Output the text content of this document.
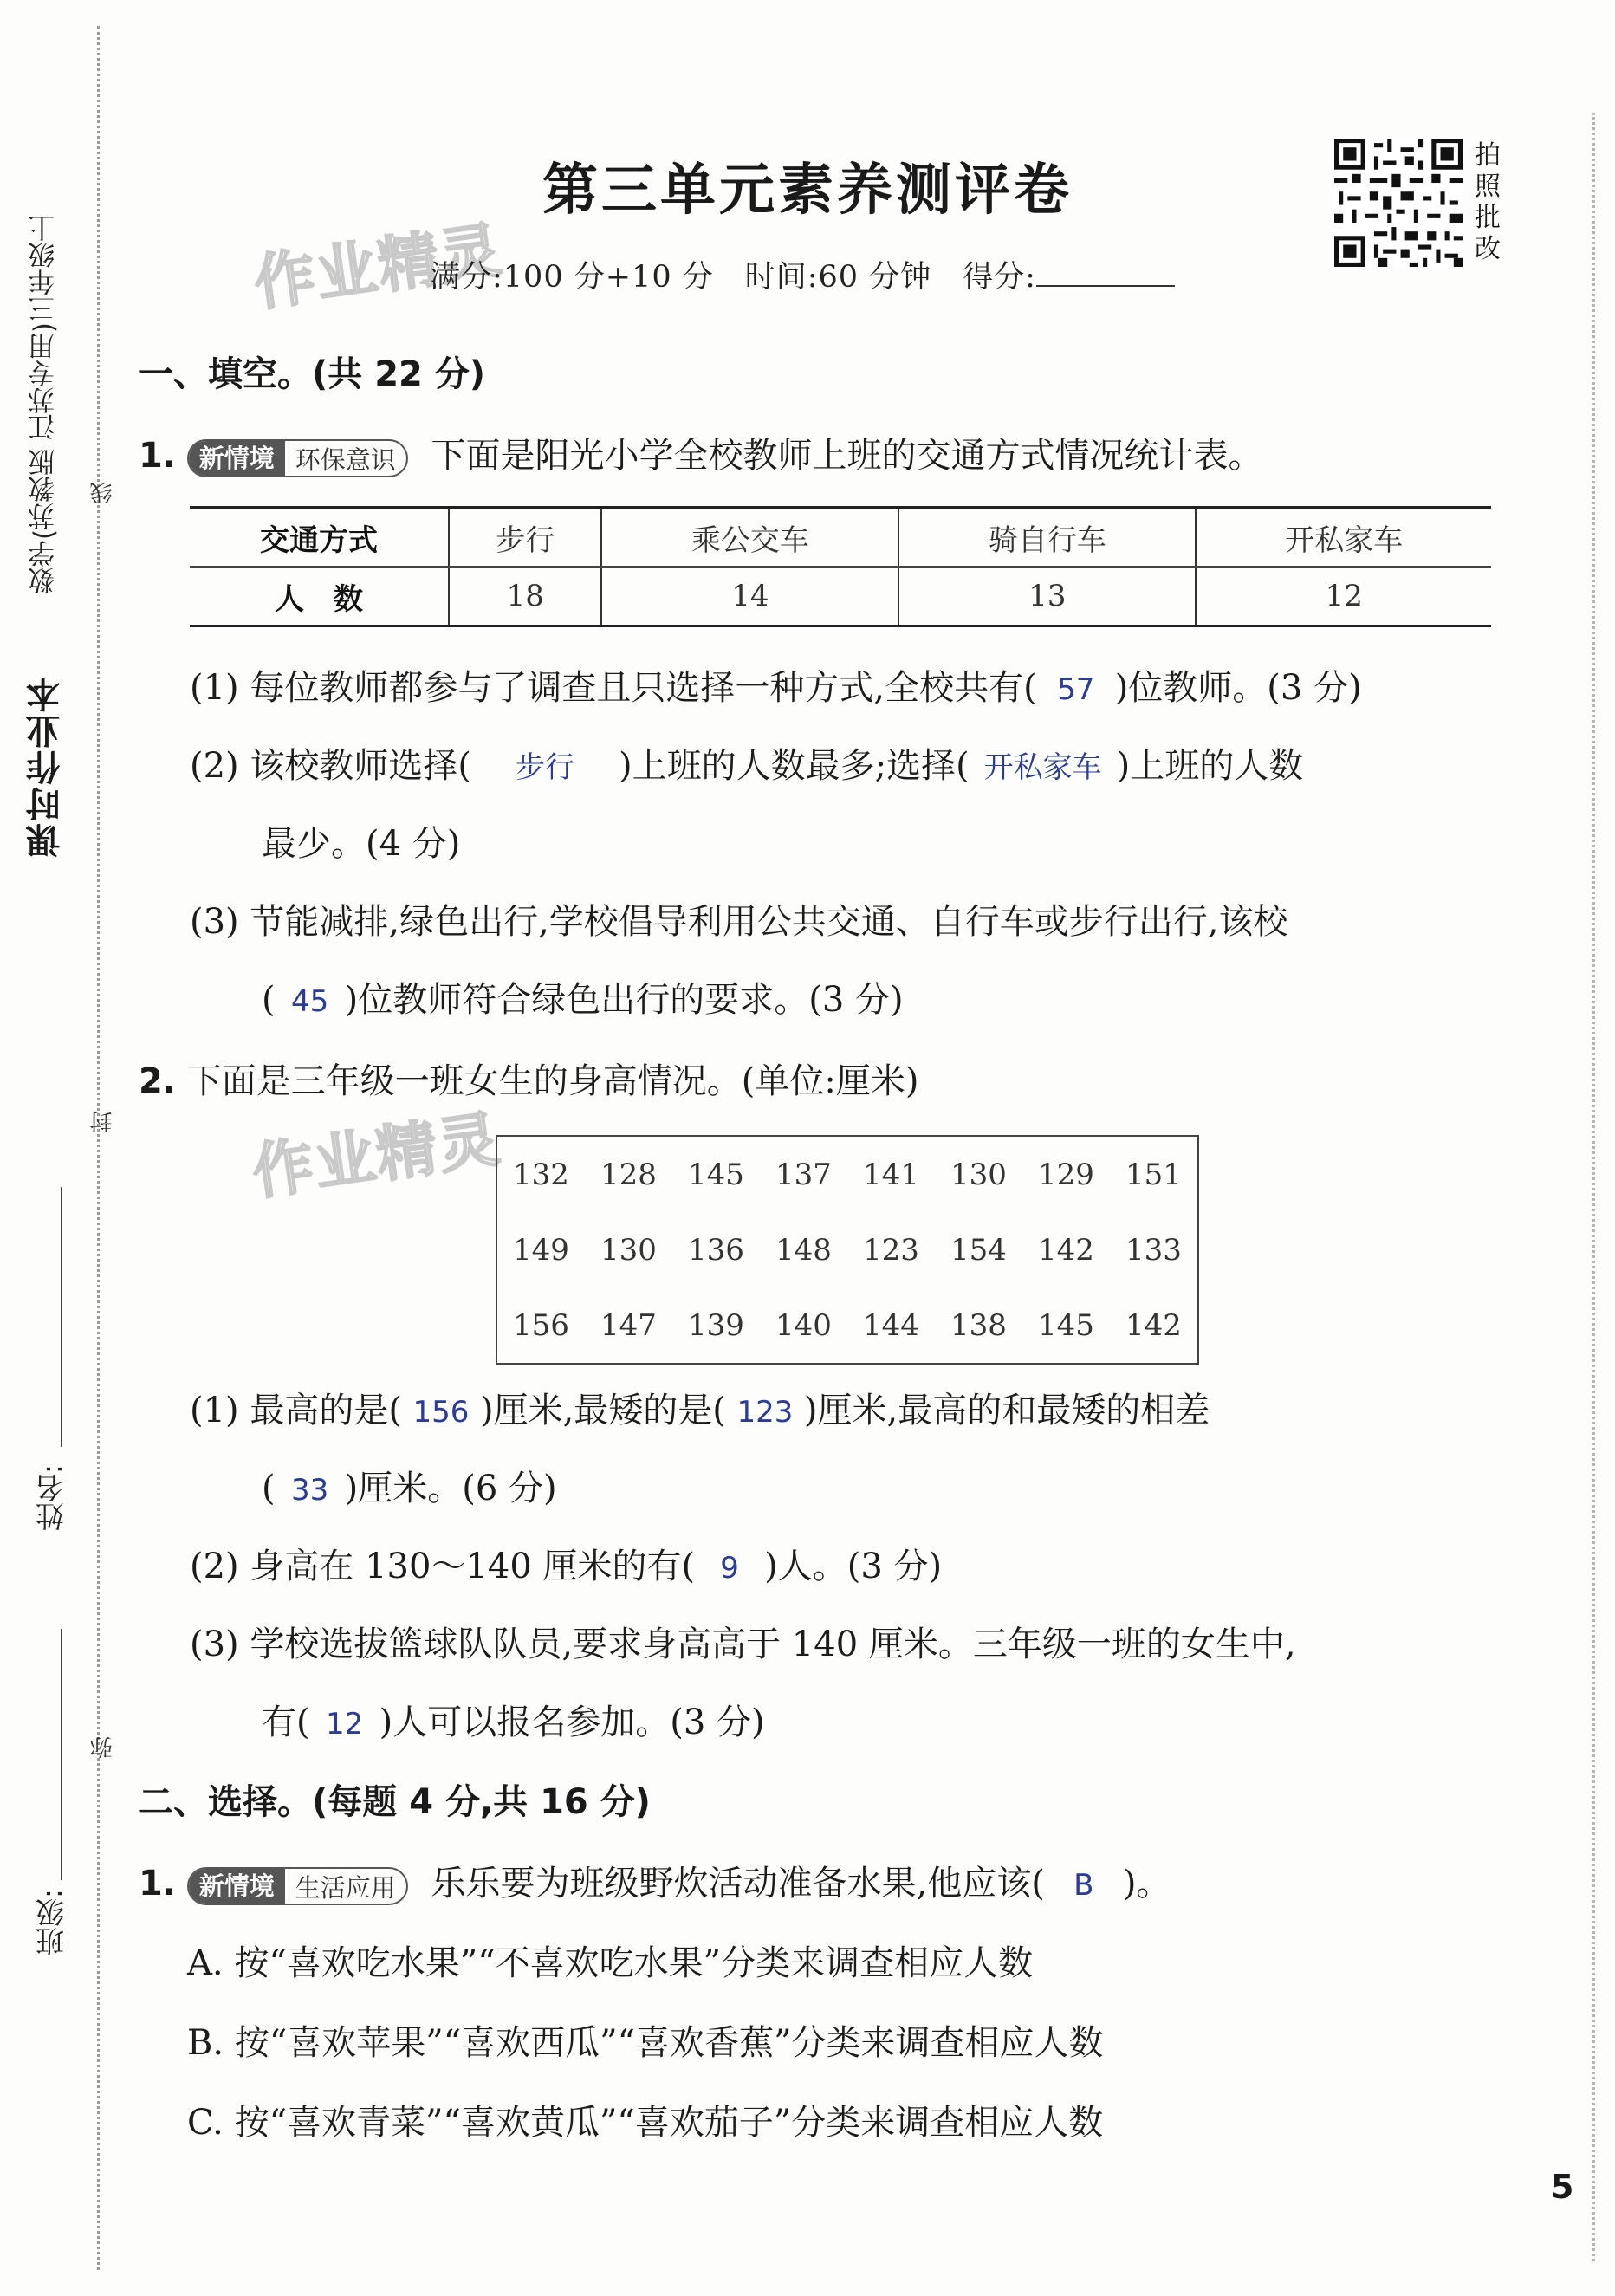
课时作业本
数学(苏教版 江苏专用)三年级上 线
封
弥
姓名:
班级:
作业精灵
第三单元素养测评卷
满分:100 分+10 分　时间:60 分钟　得分:
拍
照
批
改
一、填空。(共 22 分)
1. 新情境 环保意识	下面是阳光小学全校教师上班的交通方式情况统计表。
交通方式	步行	乘公交车	骑自行车	开私家车
人　数	18	14	13	12
(1) 每位教师都参与了调查且只选择一种方式,全校共有( 57 )位教师。(3 分)
(2) 该校教师选择( 步行 )上班的人数最多;选择( 开私家车 )上班的人数
最少。(4 分)
(3) 节能减排,绿色出行,学校倡导利用公共交通、自行车或步行出行,该校
( 45 )位教师符合绿色出行的要求。(3 分)
2. 下面是三年级一班女生的身高情况。(单位:厘米)
作业精灵 132	128	145	137	141	130	129	151
149	130	136	148	123	154	142	133
156	147	139	140	144	138	145	142
(1) 最高的是( 156 )厘米,最矮的是( 123 )厘米,最高的和最矮的相差
( 33 )厘米。(6 分)
(2) 身高在 130～140 厘米的有( 9 )人。(3 分)
(3) 学校选拔篮球队队员,要求身高高于 140 厘米。三年级一班的女生中,
有( 12 )人可以报名参加。(3 分)
二、选择。(每题 4 分,共 16 分)
1. 新情境 生活应用	乐乐要为班级野炊活动准备水果,他应该( B )。
A. 按“喜欢吃水果”“不喜欢吃水果”分类来调查相应人数
B. 按“喜欢苹果”“喜欢西瓜”“喜欢香蕉”分类来调查相应人数
C. 按“喜欢青菜”“喜欢黄瓜”“喜欢茄子”分类来调查相应人数
5
